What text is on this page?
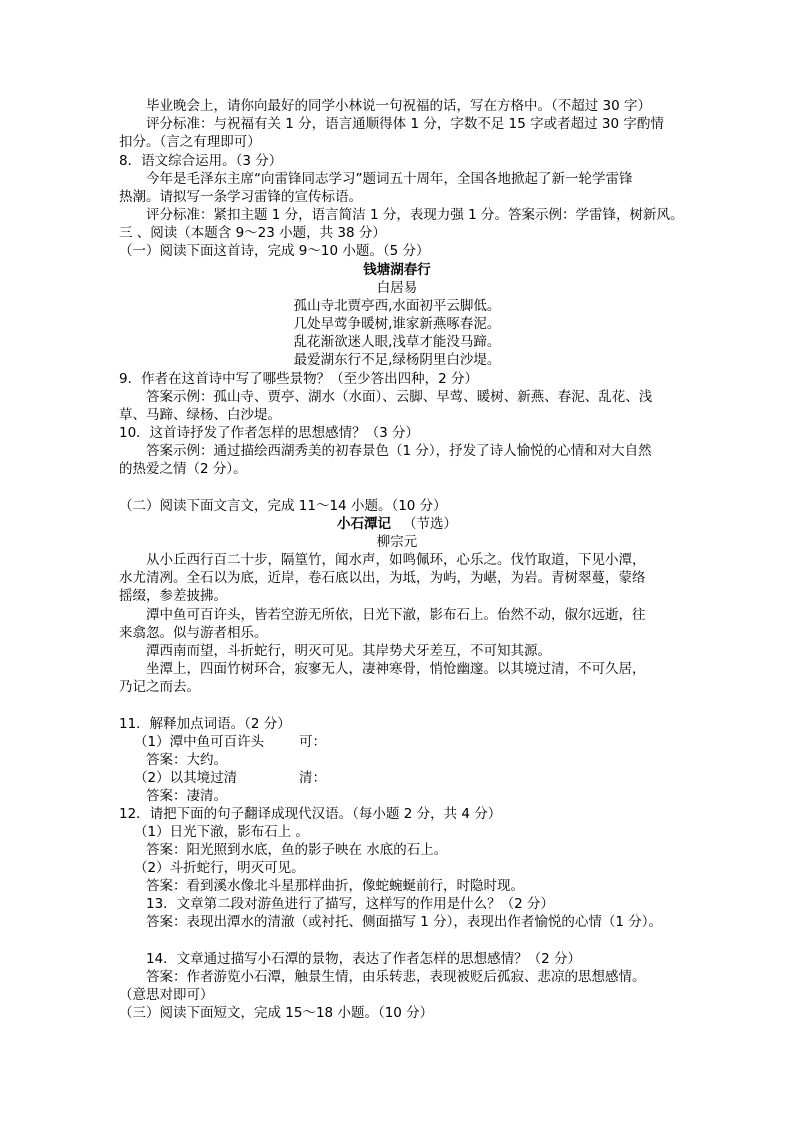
毕业晚会上，请你向最好的同学小林说一句祝福的话，写在方格中。（不超过 30 字）
评分标准：与祝福有关 1 分，语言通顺得体 1 分，字数不足 15 字或者超过 30 字酌情
扣分。（言之有理即可）
8．语文综合运用。（3 分）
今年是毛泽东主席“向雷锋同志学习”题词五十周年，全国各地掀起了新一轮学雷锋
热潮。请拟写一条学习雷锋的宣传标语。
评分标准：紧扣主题 1 分，语言简洁 1 分，表现力强 1 分。答案示例：学雷锋，树新风。
三 、阅读（本题含 9～23 小题，共 38 分）
（一）阅读下面这首诗，完成 9～10 小题。（5 分）
钱塘湖春行
白居易
孤山寺北贾亭西,水面初平云脚低。
几处早莺争暖树,谁家新燕啄春泥。
乱花渐欲迷人眼,浅草才能没马蹄。
最爱湖东行不足,绿杨阴里白沙堤。
9．作者在这首诗中写了哪些景物？（至少答出四种，2 分）
答案示例：孤山寺、贾亭、湖水（水面）、云脚、早莺、暖树、新燕、春泥、乱花、浅
草、马蹄、绿杨、白沙堤。
10．这首诗抒发了作者怎样的思想感情？（3 分）
答案示例：通过描绘西湖秀美的初春景色（1 分），抒发了诗人愉悦的心情和对大自然
的热爱之情（2 分）。
（二）阅读下面文言文，完成 11～14 小题。（10 分）
小石潭记 （节选）
柳宗元
从小丘西行百二十步，隔篁竹，闻水声，如鸣佩环，心乐之。伐竹取道，下见小潭，
水尤清冽。全石以为底，近岸，卷石底以出，为坻，为屿，为嵁，为岩。青树翠蔓，蒙络
摇缀，参差披拂。
潭中鱼可百许头，皆若空游无所依，日光下澈，影布石上。佁然不动，俶尔远逝，往
来翕忽。似与游者相乐。
潭西南而望，斗折蛇行，明灭可见。其岸势犬牙差互，不可知其源。
坐潭上，四面竹树环合，寂寥无人，凄神寒骨，悄怆幽邃。以其境过清，不可久居，
乃记之而去。
11．解释加点词语。（2 分）
（1）潭中鱼可百许头	可：
答案：大约。
（2）以其境过清	清：
答案：凄清。
12．请把下面的句子翻译成现代汉语。（每小题 2 分，共 4 分）
（1）日光下澈，影布石上 。
答案：阳光照到水底，鱼的影子映在 水底的石上。
（2）斗折蛇行，明灭可见。
答案：看到溪水像北斗星那样曲折，像蛇蜿蜒前行，时隐时现。
13．文章第二段对游鱼进行了描写，这样写的作用是什么？（2 分）
答案：表现出潭水的清澈（或衬托、侧面描写 1 分），表现出作者愉悦的心情（1 分）。
14．文章通过描写小石潭的景物，表达了作者怎样的思想感情？（2 分）
答案：作者游览小石潭，触景生情，由乐转悲，表现被贬后孤寂、悲凉的思想感情。
（意思对即可）
（三）阅读下面短文，完成 15～18 小题。（10 分）
